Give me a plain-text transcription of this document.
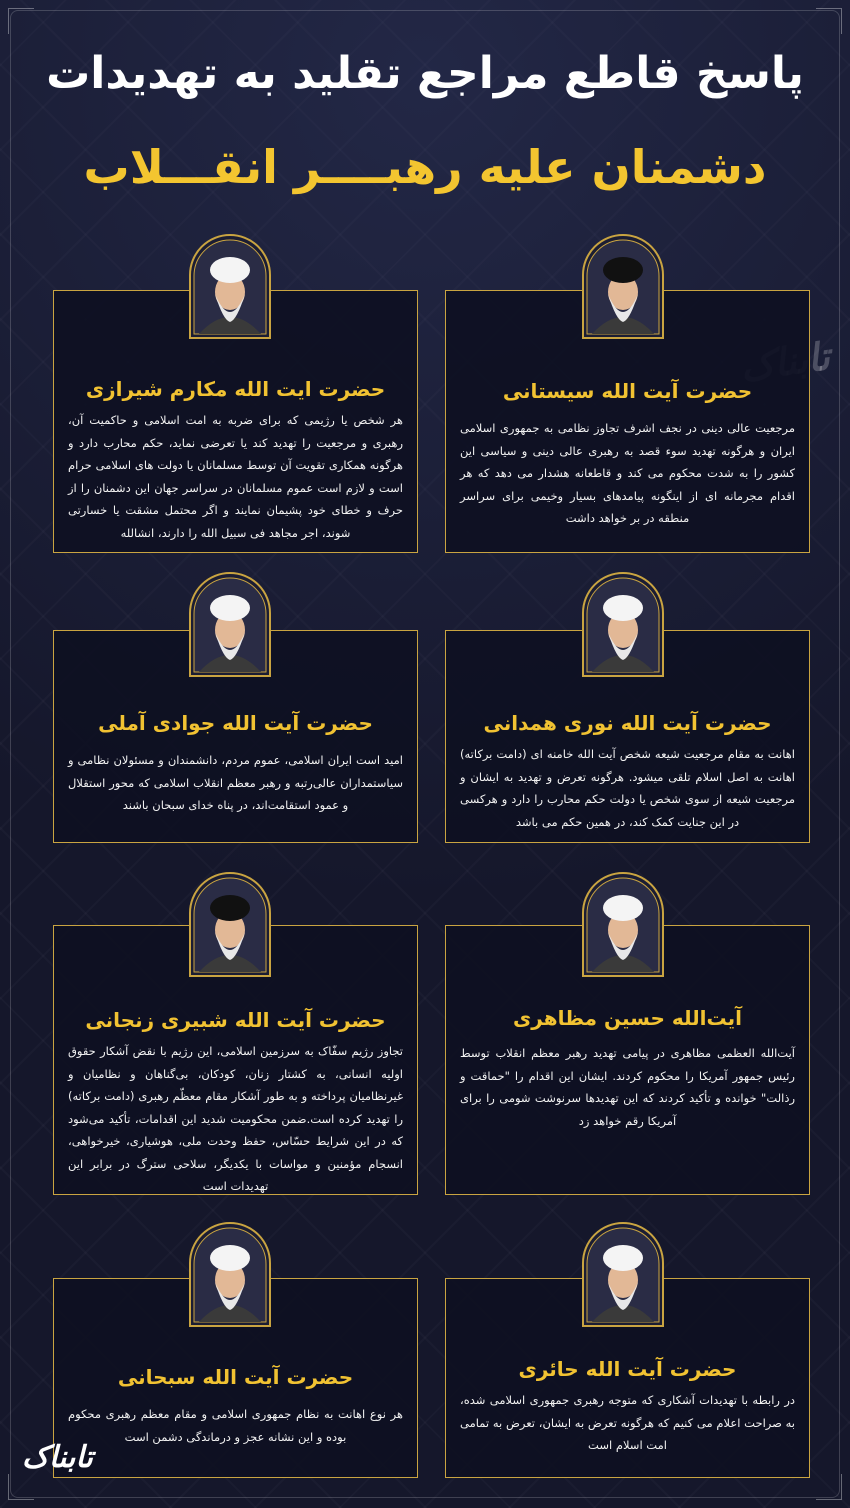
پاسخ قاطع مراجع تقلید به تهدیدات
دشمنان علیه رهبــــر انقـــلاب
حضرت ایت الله مکارم شیرازی
هر شخص یا رژیمی که برای ضربه به امت اسلامی و حاکمیت آن، رهبری و مرجعیت را تهدید کند یا تعرضی نماید، حکم محارب دارد و هرگونه همکاری تقویت آن توسط مسلمانان یا دولت های اسلامی حرام است و لازم است عموم مسلمانان در سراسر جهان این دشمنان را از حرف و خطای خود پشیمان نمایند و اگر محتمل مشقت یا خسارتی شوند، اجر مجاهد فی سبیل الله را دارند، انشالله
حضرت آیت الله سیستانی
مرجعیت عالی دینی در نجف اشرف تجاوز نظامی به جمهوری اسلامی ایران و هرگونه تهدید سوء قصد به رهبری عالی دینی و سیاسی این کشور را به شدت محکوم می کند و قاطعانه هشدار می دهد که هر اقدام مجرمانه ای از اینگونه پیامدهای بسیار وخیمی برای سراسر منطقه در بر خواهد داشت
حضرت آیت الله جوادی آملی
امید است ایران اسلامی، عموم مردم، دانشمندان و مسئولان نظامی و سیاستمداران عالی‌رتبه و رهبر معظم انقلاب اسلامی که محور استقلال و عمود استقامت‌اند، در پناه خدای سبحان باشند
حضرت آیت الله نوری همدانی
اهانت به مقام مرجعیت شیعه شخص آیت الله خامنه ای (دامت برکاته) اهانت به اصل اسلام تلقی میشود. هرگونه تعرض و تهدید به ایشان و مرجعیت شیعه از سوی شخص یا دولت حکم محارب را دارد و هرکسی در این جنایت کمک کند، در همین حکم می باشد
حضرت آیت الله شبیری زنجانی
تجاوز رژیم سفّاک به سرزمین اسلامی، این رژیم با نقض آشکار حقوق اولیه انسانی، به کشتار زنان، کودکان، بی‌گناهان و نظامیان و غیرنظامیان پرداخته و به طور آشکار مقام معظّم رهبری (دامت برکاته) را تهدید کرده است.ضمن محکومیت شدید این اقدامات، تأکید می‌شود که در این شرایط حسّاس، حفظ وحدت ملی، هوشیاری، خیرخواهی، انسجام مؤمنین و مواسات با یکدیگر، سلاحی سترگ در برابر این تهدیدات است
آیت‌الله حسین مظاهری
آیت‌الله العظمی مظاهری در پیامی تهدید رهبر معظم انقلاب توسط رئیس جمهور آمریکا را محکوم کردند. ایشان این اقدام را "حماقت و رذالت" خوانده و تأکید کردند که این تهدیدها سرنوشت شومی را برای آمریکا رقم خواهد زد
حضرت آیت الله سبحانی
هر نوع اهانت به نظام جمهوری اسلامی و مقام معظم رهبری محکوم بوده و این نشانه عجز و درماندگی دشمن است
حضرت آیت الله حائری
در رابطه با تهدیدات آشکاری که متوجه رهبری جمهوری اسلامی شده، به صراحت اعلام می کنیم که هرگونه تعرض به ایشان، تعرض به تمامی امت اسلام است
تابناک
